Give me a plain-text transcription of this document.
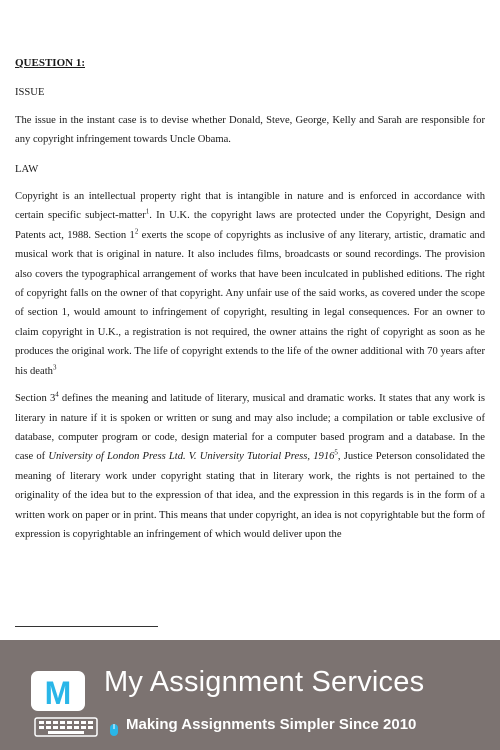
QUESTION 1:

ISSUE

The issue in the instant case is to devise whether Donald, Steve, George, Kelly and Sarah are responsible for any copyright infringement towards Uncle Obama.

LAW

Copyright is an intellectual property right that is intangible in nature and is enforced in accordance with certain specific subject-matter$^1$. In U.K. the copyright laws are protected under the Copyright, Design and Patents act, 1988. Section $1^2$ exerts the scope of copyrights as inclusive of any literary, artistic, dramatic and musical work that is original in nature. It also includes films, broadcasts or sound recordings. The provision also covers the typographical arrangement of works that have been inculcated in published editions. The right of copyright falls on the owner of that copyright. Any unfair use of the said works, as covered under the scope of section 1, would amount to infringement of copyright, resulting in legal consequences. For an owner to claim copyright in U.K., a registration is not required, the owner attains the right of copyright as soon as he produces the original work. The life of copyright extends to the life of the owner additional with 70 years after his death$^3$

Section $3^4$ defines the meaning and latitude of literary, musical and dramatic works. It states that any work is literary in nature if it is spoken or written or sung and may also include; a compilation or table exclusive of database, computer program or code, design material for a computer based program and a database. In the case of University of London Press Ltd. V. University Tutorial Press, 1916$^5$, Justice Peterson consolidated the meaning of literary work under copyright stating that in literary work, the rights is not pertained to the originality of the idea but to the expression of that idea, and the expression in this regards is in the form of a written work on paper or in print. This means that under copyright, an idea is not copyrightable but the form of expression is copyrightable an infringement of which would deliver upon the

M My Assignment Services
Making Assignments Simpler Since 2010
